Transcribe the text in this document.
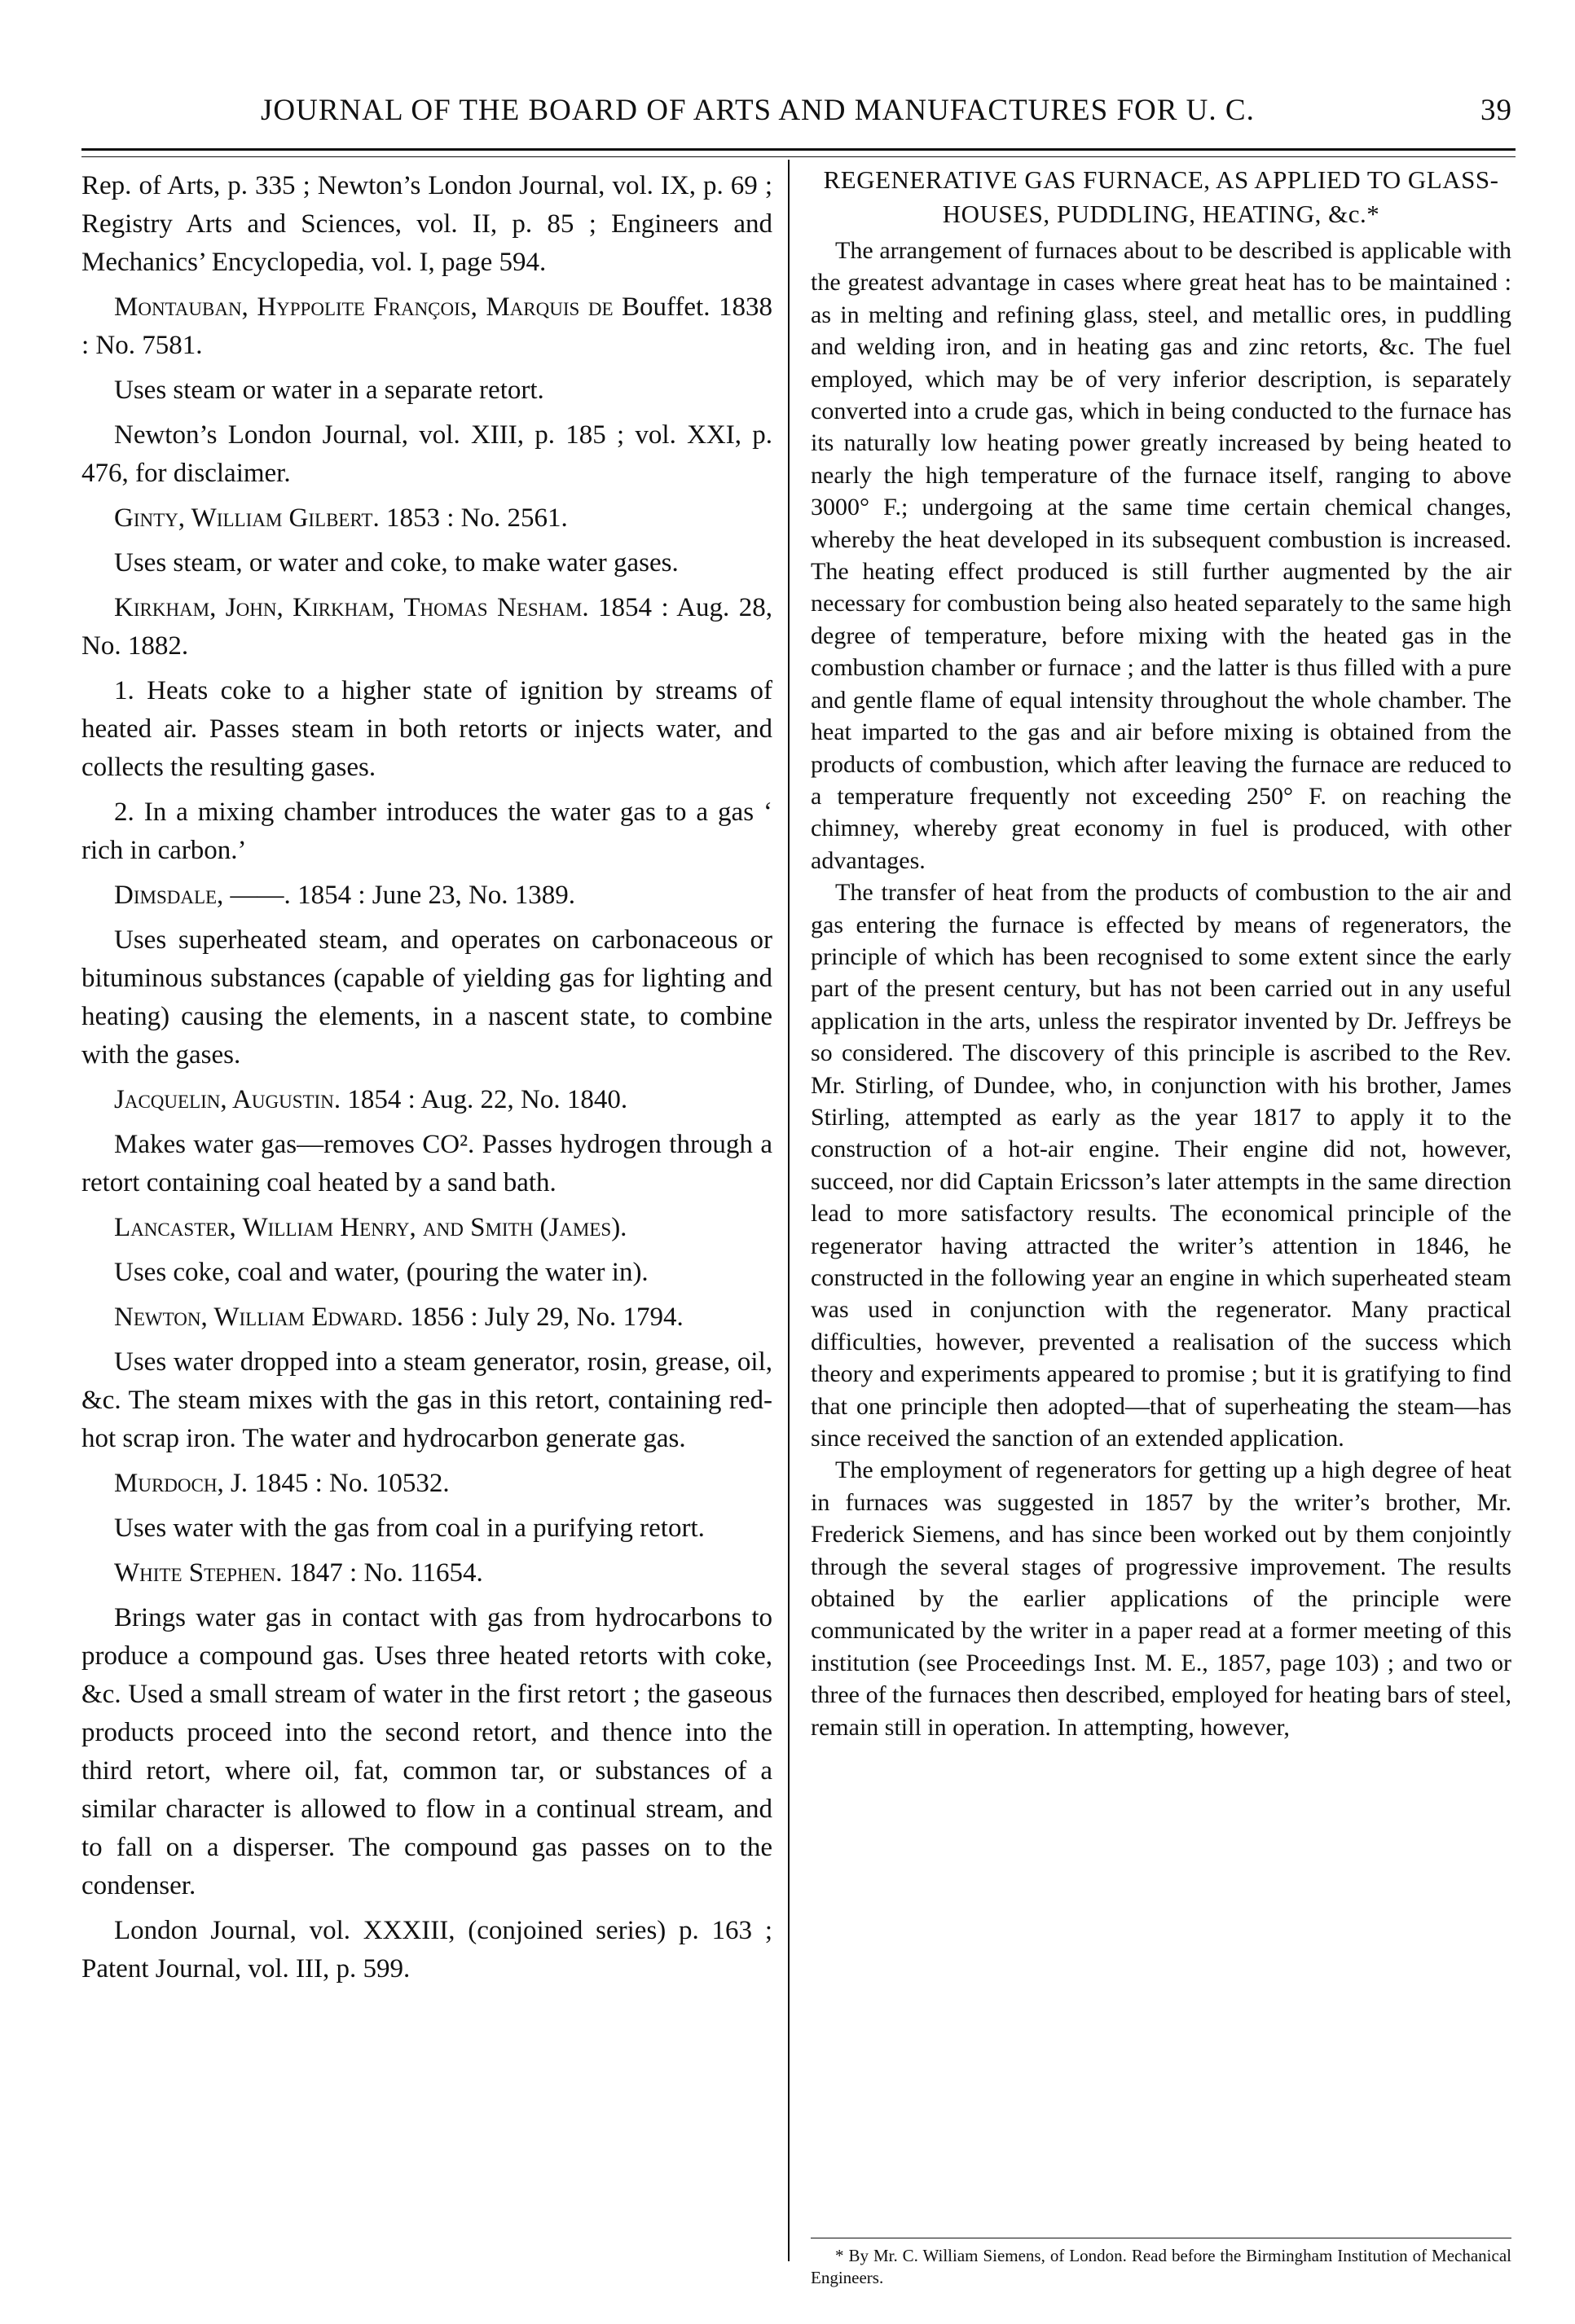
JOURNAL OF THE BOARD OF ARTS AND MANUFACTURES FOR U. C.	39

Rep. of Arts, p. 335 ; Newton’s London Journal, vol. IX, p. 69 ; Registry Arts and Sciences, vol. II, p. 85 ; Engineers and Mechanics’ Encyclopedia, vol. I, page 594.

Montauban, Hyppolite François, Marquis de Bouffet. 1838 : No. 7581.

Uses steam or water in a separate retort.

Newton’s London Journal, vol. XIII, p. 185 ; vol. XXI, p. 476, for disclaimer.

Ginty, William Gilbert. 1853 : No. 2561.

Uses steam, or water and coke, to make water gases.

Kirkham, John, Kirkham, Thomas Nesham. 1854 : Aug. 28, No. 1882.

1. Heats coke to a higher state of ignition by streams of heated air. Passes steam in both retorts or injects water, and collects the resulting gases.

2. In a mixing chamber introduces the water gas to a gas ‘ rich in carbon.’

Dimsdale, ——. 1854 : June 23, No. 1389.

Uses superheated steam, and operates on carbonaceous or bituminous substances (capable of yielding gas for lighting and heating) causing the elements, in a nascent state, to combine with the gases.

Jacquelin, Augustin. 1854 : Aug. 22, No. 1840.

Makes water gas—removes CO². Passes hydrogen through a retort containing coal heated by a sand bath.

Lancaster, William Henry, and Smith (James).

Uses coke, coal and water, (pouring the water in).

Newton, William Edward. 1856 : July 29, No. 1794.

Uses water dropped into a steam generator, rosin, grease, oil, &c. The steam mixes with the gas in this retort, containing red-hot scrap iron. The water and hydrocarbon generate gas.

Murdoch, J. 1845 : No. 10532.

Uses water with the gas from coal in a purifying retort.

White Stephen. 1847 : No. 11654.

Brings water gas in contact with gas from hydrocarbons to produce a compound gas. Uses three heated retorts with coke, &c. Used a small stream of water in the first retort ; the gaseous products proceed into the second retort, and thence into the third retort, where oil, fat, common tar, or substances of a similar character is allowed to flow in a continual stream, and to fall on a disperser. The compound gas passes on to the condenser.

London Journal, vol. XXXIII, (conjoined series) p. 163 ; Patent Journal, vol. III, p. 599.

REGENERATIVE GAS FURNACE, AS APPLIED TO GLASS-HOUSES, PUDDLING, HEATING, &c.*

The arrangement of furnaces about to be described is applicable with the greatest advantage in cases where great heat has to be maintained : as in melting and refining glass, steel, and metallic ores, in puddling and welding iron, and in heating gas and zinc retorts, &c. The fuel employed, which may be of very inferior description, is separately converted into a crude gas, which in being conducted to the furnace has its naturally low heating power greatly increased by being heated to nearly the high temperature of the furnace itself, ranging to above 3000° F.; undergoing at the same time certain chemical changes, whereby the heat developed in its subsequent combustion is increased. The heating effect produced is still further augmented by the air necessary for combustion being also heated separately to the same high degree of temperature, before mixing with the heated gas in the combustion chamber or furnace ; and the latter is thus filled with a pure and gentle flame of equal intensity throughout the whole chamber. The heat imparted to the gas and air before mixing is obtained from the products of combustion, which after leaving the furnace are reduced to a temperature frequently not exceeding 250° F. on reaching the chimney, whereby great economy in fuel is produced, with other advantages.

The transfer of heat from the products of combustion to the air and gas entering the furnace is effected by means of regenerators, the principle of which has been recognised to some extent since the early part of the present century, but has not been carried out in any useful application in the arts, unless the respirator invented by Dr. Jeffreys be so considered. The discovery of this principle is ascribed to the Rev. Mr. Stirling, of Dundee, who, in conjunction with his brother, James Stirling, attempted as early as the year 1817 to apply it to the construction of a hot-air engine. Their engine did not, however, succeed, nor did Captain Ericsson’s later attempts in the same direction lead to more satisfactory results. The economical principle of the regenerator having attracted the writer’s attention in 1846, he constructed in the following year an engine in which superheated steam was used in conjunction with the regenerator. Many practical difficulties, however, prevented a realisation of the success which theory and experiments appeared to promise ; but it is gratifying to find that one principle then adopted—that of superheating the steam—has since received the sanction of an extended application.

The employment of regenerators for getting up a high degree of heat in furnaces was suggested in 1857 by the writer’s brother, Mr. Frederick Siemens, and has since been worked out by them conjointly through the several stages of progressive improvement. The results obtained by the earlier applications of the principle were communicated by the writer in a paper read at a former meeting of this institution (see Proceedings Inst. M. E., 1857, page 103) ; and two or three of the furnaces then described, employed for heating bars of steel, remain still in operation. In attempting, however,

* By Mr. C. William Siemens, of London. Read before the Birmingham Institution of Mechanical Engineers.
